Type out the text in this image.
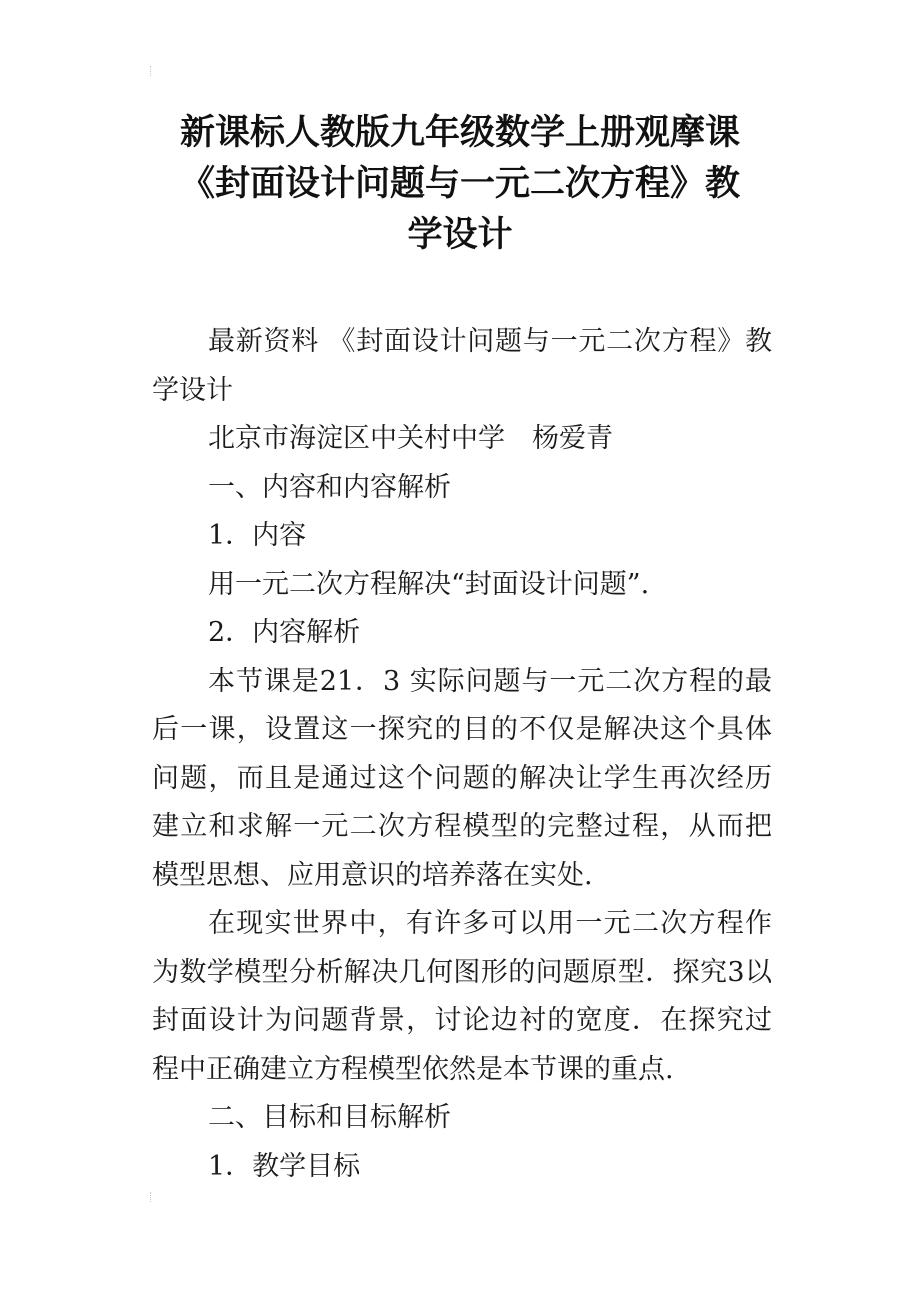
新课标人教版九年级数学上册观摩课
《封面设计问题与一元二次方程》教
学设计

最新资料 《封面设计问题与一元二次方程》教学设计

北京市海淀区中关村中学　杨爱青

一、内容和内容解析

1．内容

用一元二次方程解决“封面设计问题”.

2．内容解析

本节课是21．3 实际问题与一元二次方程的最后一课，设置这一探究的目的不仅是解决这个具体问题，而且是通过这个问题的解决让学生再次经历建立和求解一元二次方程模型的完整过程，从而把模型思想、应用意识的培养落在实处.

在现实世界中，有许多可以用一元二次方程作为数学模型分析解决几何图形的问题原型．探究3以封面设计为问题背景，讨论边衬的宽度．在探究过程中正确建立方程模型依然是本节课的重点.

二、目标和目标解析

1．教学目标
